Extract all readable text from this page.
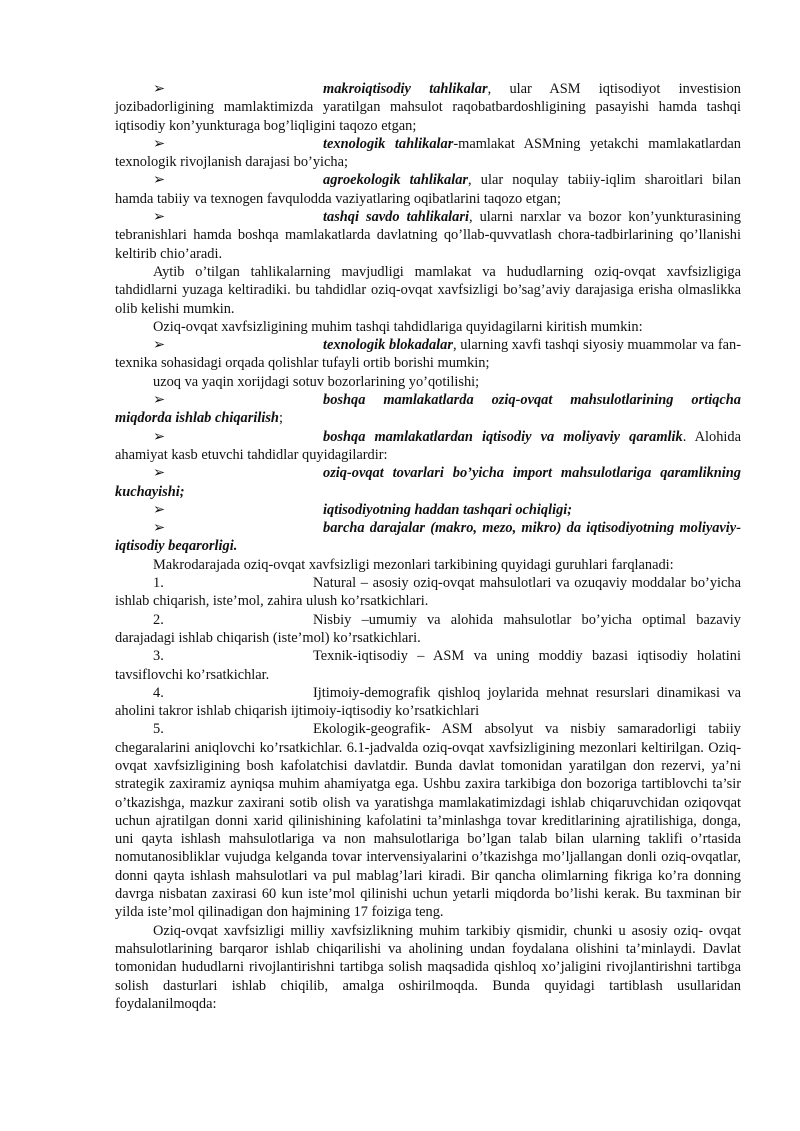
➢	makroiqtisodiy tahlikalar, ular ASM iqtisodiyot investision jozibadorligining mamlaktimizda yaratilgan mahsulot raqobatbardoshligining pasayishi hamda tashqi iqtisodiy kon’yunkturaga bog’liqligini taqozo etgan;

➢	texnologik tahlikalar-mamlakat ASMning yetakchi mamlakatlardan texnologik rivojlanish darajasi bo’yicha;

➢	agroekologik tahlikalar, ular noqulay tabiiy-iqlim sharoitlari bilan hamda tabiiy va texnogen favqulodda vaziyatlaring oqibatlarini taqozo etgan;

➢	tashqi savdo tahlikalari, ularni narxlar va bozor kon’yunkturasining tebranishlari hamda boshqa mamlakatlarda davlatning qo’llab-quvvatlash chora-tadbirlarining qo’llanishi keltirib chio’aradi.

Aytib o’tilgan tahlikalarning mavjudligi mamlakat va hududlarning oziq-ovqat xavfsizligiga tahdidlarni yuzaga keltiradiki. bu tahdidlar oziq-ovqat xavfsizligi bo’sag’aviy darajasiga erisha olmaslikka olib kelishi mumkin.

Oziq-ovqat xavfsizligining muhim tashqi tahdidlariga quyidagilarni kiritish mumkin:

➢	texnologik blokadalar, ularning xavfi tashqi siyosiy muammolar va fan-texnika sohasidagi orqada qolishlar tufayli ortib borishi mumkin;

uzoq va yaqin xorijdagi sotuv bozorlarining yo’qotilishi;

➢	boshqa mamlakatlarda oziq-ovqat mahsulotlarining ortiqcha miqdorda ishlab chiqarilish;

➢	boshqa mamlakatlardan iqtisodiy va moliyaviy qaramlik. Alohida ahamiyat kasb etuvchi tahdidlar quyidagilardir:

➢	oziq-ovqat tovarlari bo’yicha import mahsulotlariga qaramlikning kuchayishi;

➢	iqtisodiyotning haddan tashqari ochiqligi;

➢	barcha darajalar (makro, mezo, mikro) da iqtisodiyotning moliyaviy-iqtisodiy beqarorligi.

Makrodarajada oziq-ovqat xavfsizligi mezonlari tarkibining quyidagi guruhlari farqlanadi:

1.	Natural – asosiy oziq-ovqat mahsulotlari va ozuqaviy moddalar bo’yicha ishlab chiqarish, iste’mol, zahira ulush ko’rsatkichlari.

2.	Nisbiy –umumiy va alohida mahsulotlar bo’yicha optimal bazaviy darajadagi ishlab chiqarish (iste’mol) ko’rsatkichlari.

3.	Texnik-iqtisodiy – ASM va uning moddiy bazasi iqtisodiy holatini tavsiflovchi ko’rsatkichlar.

4.	Ijtimoiy-demografik qishloq joylarida mehnat resurslari dinamikasi va aholini takror ishlab chiqarish ijtimoiy-iqtisodiy ko’rsatkichlari

5.	Ekologik-geografik- ASM absolyut va nisbiy samaradorligi tabiiy chegaralarini aniqlovchi ko’rsatkichlar. 6.1-jadvalda oziq-ovqat xavfsizligining mezonlari keltirilgan. Oziq-ovqat xavfsizligining bosh kafolatchisi davlatdir. Bunda davlat tomonidan yaratilgan don rezervi, ya’ni strategik zaxiramiz ayniqsa muhim ahamiyatga ega. Ushbu zaxira tarkibiga don bozoriga tartiblovchi ta’sir o’tkazishga, mazkur zaxirani sotib olish va yaratishga mamlakatimizdagi ishlab chiqaruvchidan oziqovqat uchun ajratilgan donni xarid qilinishining kafolatini ta’minlashga tovar kreditlarining ajratilishiga, donga, uni qayta ishlash mahsulotlariga va non mahsulotlariga bo’lgan talab bilan ularning taklifi o’rtasida nomutanosibliklar vujudga kelganda tovar intervensiyalarini o’tkazishga mo’ljallangan donli oziq-ovqatlar, donni qayta ishlash mahsulotlari va pul mablag’lari kiradi. Bir qancha olimlarning fikriga ko’ra donning davrga nisbatan zaxirasi 60 kun iste’mol qilinishi uchun yetarli miqdorda bo’lishi kerak. Bu taxminan bir yilda iste’mol qilinadigan don hajmining 17 foiziga teng.

Oziq-ovqat xavfsizligi milliy xavfsizlikning muhim tarkibiy qismidir, chunki u asosiy oziq- ovqat mahsulotlarining barqaror ishlab chiqarilishi va aholining undan foydalana olishini ta’minlaydi. Davlat tomonidan hududlarni rivojlantirishni tartibga solish maqsadida qishloq xo’jaligini rivojlantirishni tartibga solish dasturlari ishlab chiqilib, amalga oshirilmoqda. Bunda quyidagi tartiblash usullaridan foydalanilmoqda:
